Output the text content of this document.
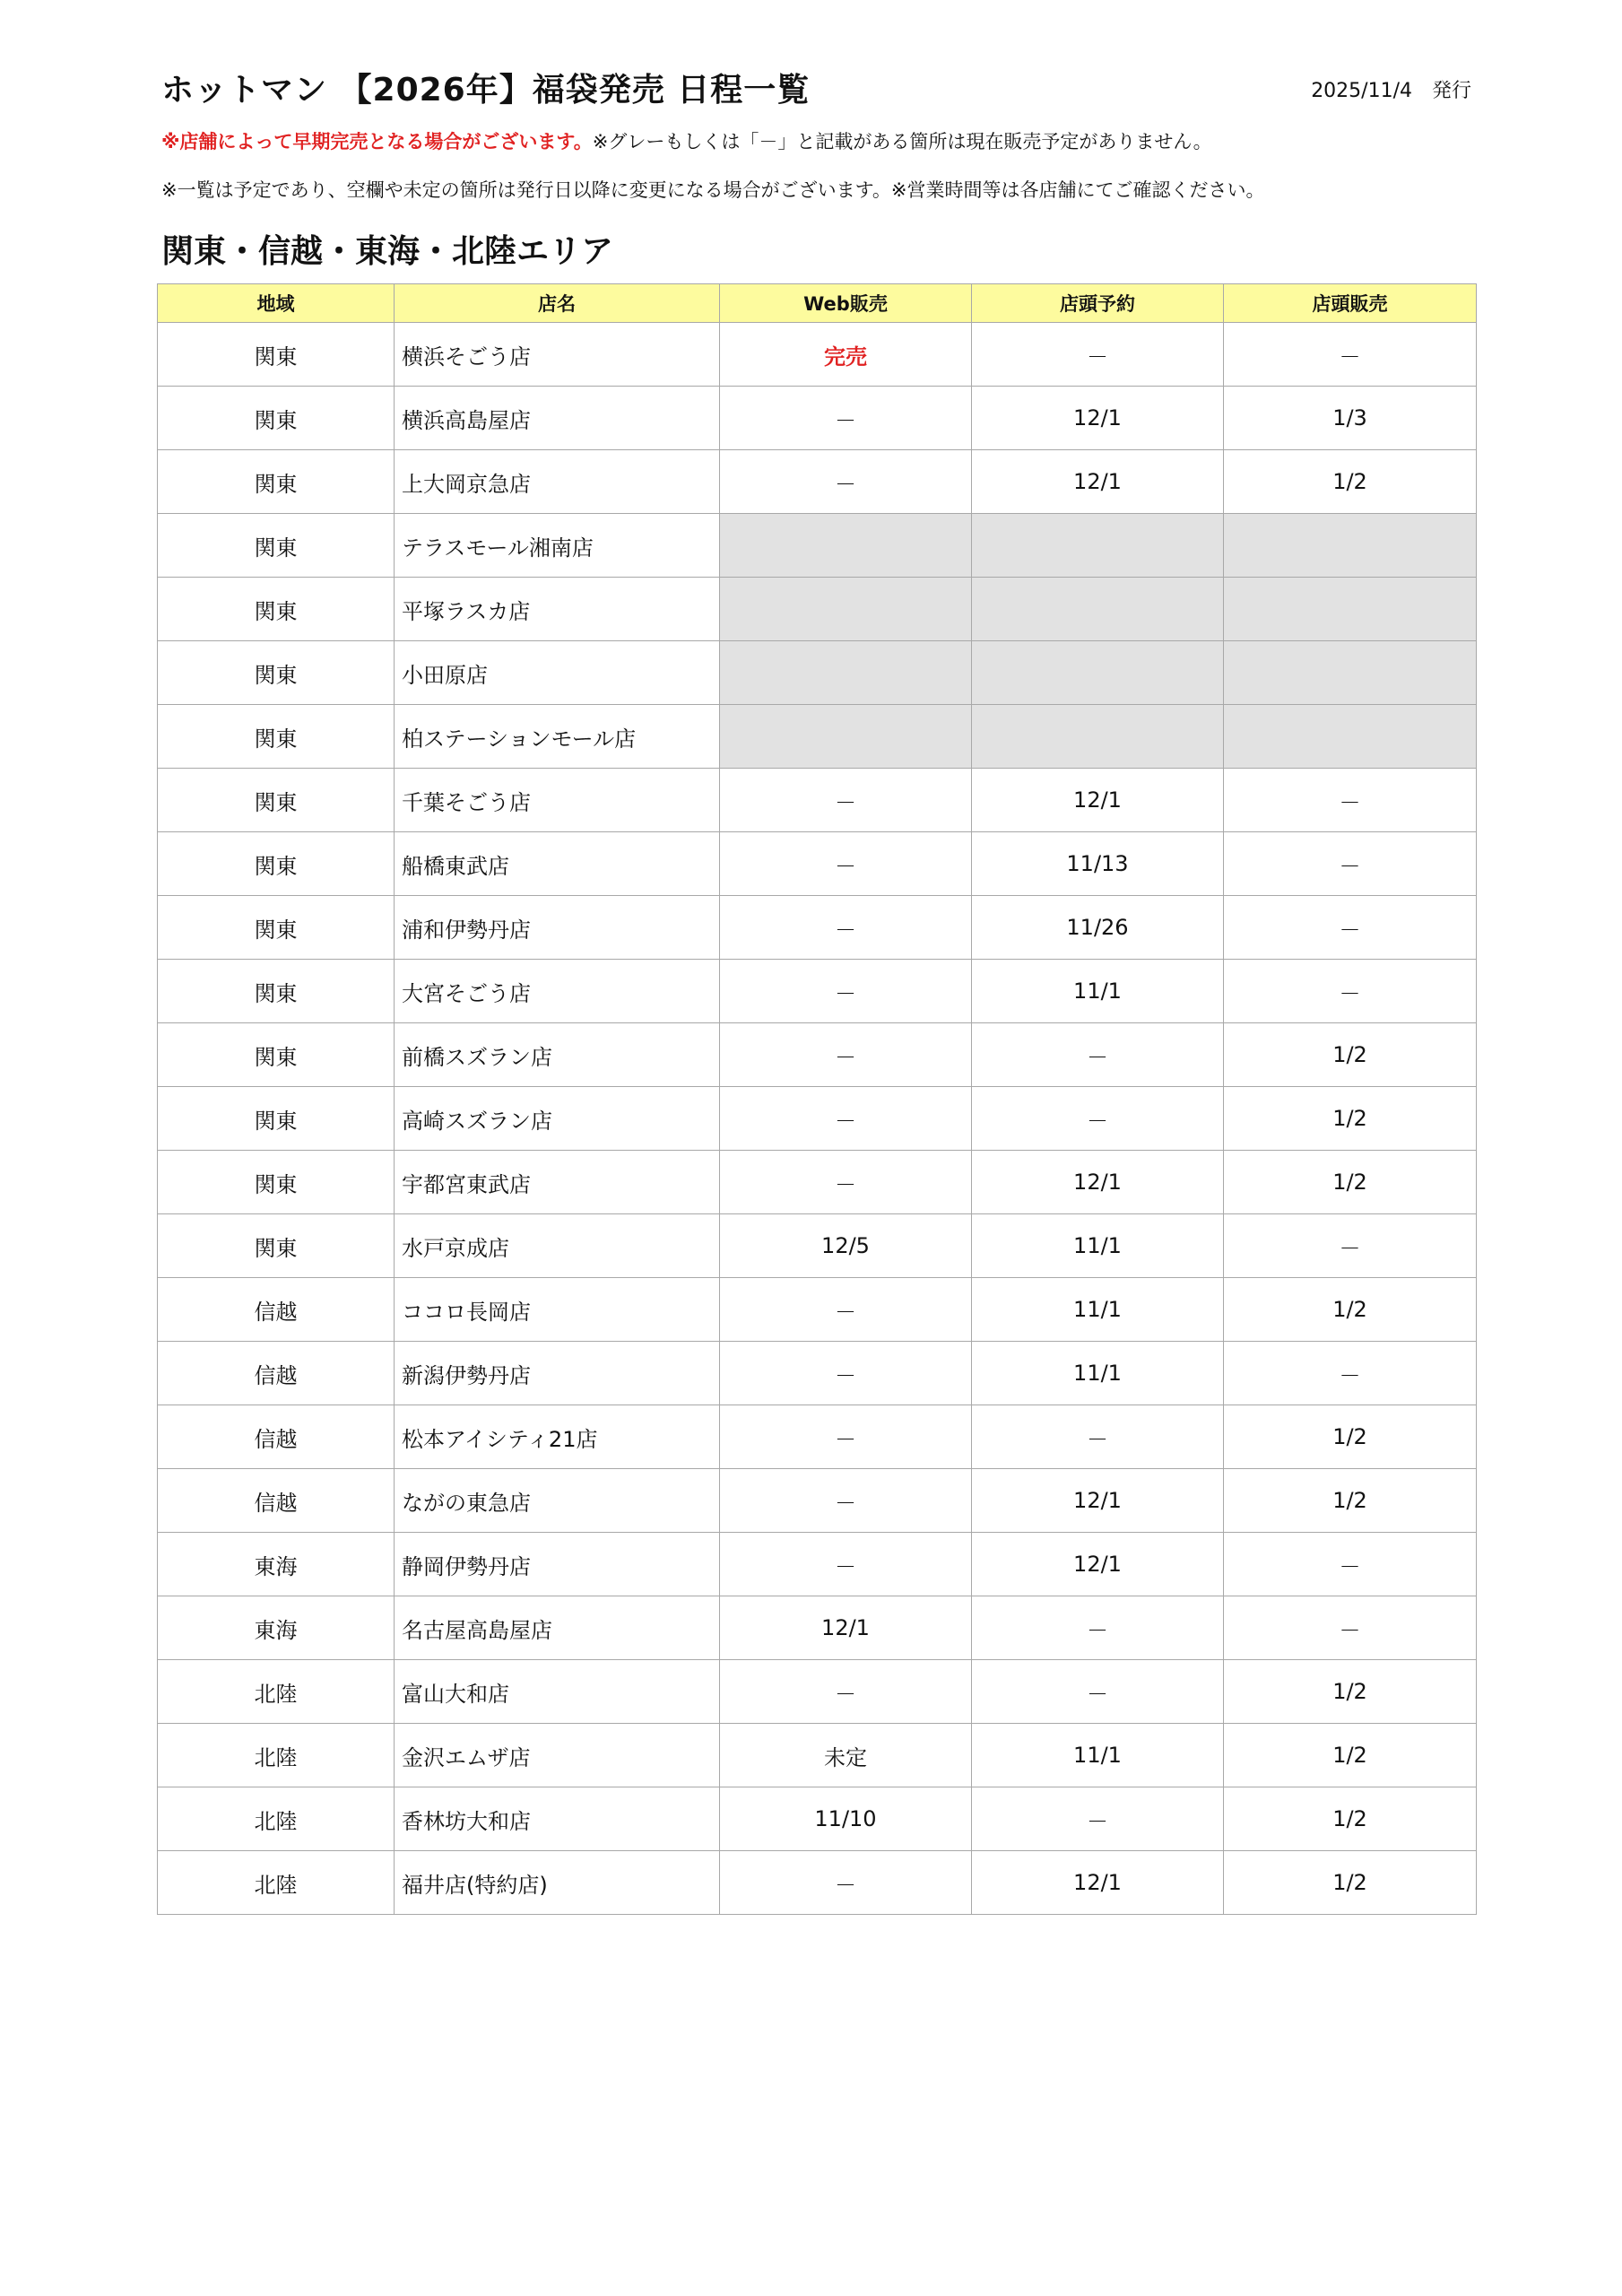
ホットマン 【2026年】福袋発売 日程一覧	2025/11/4　発行
※店舗によって早期完売となる場合がございます。※グレーもしくは「－」と記載がある箇所は現在販売予定がありません。
※一覧は予定であり、空欄や未定の箇所は発行日以降に変更になる場合がございます。※営業時間等は各店舗にてご確認ください。
関東・信越・東海・北陸エリア
地域	店名	Web販売	店頭予約	店頭販売
関東	横浜そごう店	完売	－	－
関東	横浜高島屋店	－	12/1	1/3
関東	上大岡京急店	－	12/1	1/2
関東	テラスモール湘南店			
関東	平塚ラスカ店			
関東	小田原店			
関東	柏ステーションモール店			
関東	千葉そごう店	－	12/1	－
関東	船橋東武店	－	11/13	－
関東	浦和伊勢丹店	－	11/26	－
関東	大宮そごう店	－	11/1	－
関東	前橋スズラン店	－	－	1/2
関東	高崎スズラン店	－	－	1/2
関東	宇都宮東武店	－	12/1	1/2
関東	水戸京成店	12/5	11/1	－
信越	ココロ長岡店	－	11/1	1/2
信越	新潟伊勢丹店	－	11/1	－
信越	松本アイシティ21店	－	－	1/2
信越	ながの東急店	－	12/1	1/2
東海	静岡伊勢丹店	－	12/1	－
東海	名古屋高島屋店	12/1	－	－
北陸	富山大和店	－	－	1/2
北陸	金沢エムザ店	未定	11/1	1/2
北陸	香林坊大和店	11/10	－	1/2
北陸	福井店(特約店)	－	12/1	1/2
